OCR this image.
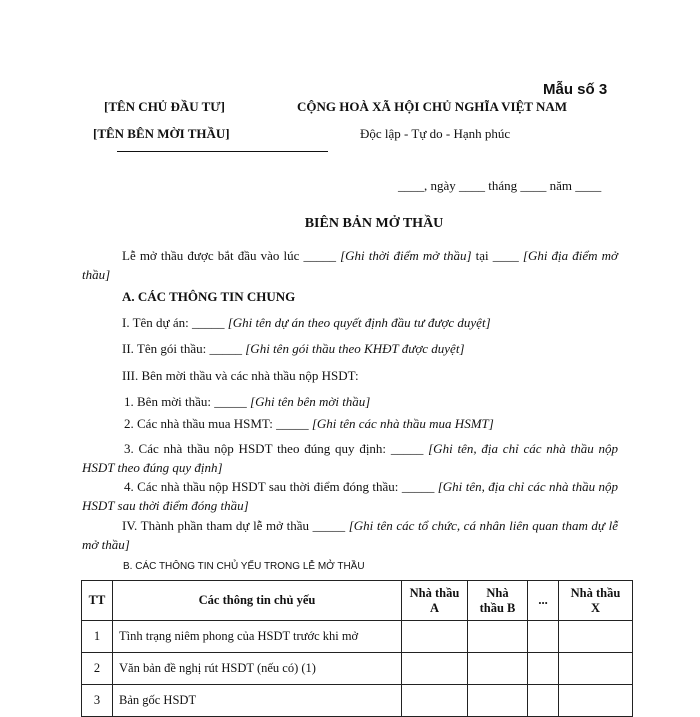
Mẫu số 3
[TÊN CHỦ ĐẦU TƯ]
[TÊN BÊN MỜI THẦU]
CỘNG HOÀ XÃ HỘI CHỦ NGHĨA VIỆT NAM
Độc lập - Tự do - Hạnh phúc
____, ngày ____ tháng ____ năm ____
BIÊN BẢN MỞ THẦU
Lễ mở thầu được bắt đầu vào lúc _____ [Ghi thời điểm mở thầu] tại ____ [Ghi địa điểm mở thầu]
A. CÁC THÔNG TIN CHUNG
I. Tên dự án: _____ [Ghi tên dự án theo quyết định đầu tư được duyệt]
II. Tên gói thầu: _____ [Ghi tên gói thầu theo KHĐT được duyệt]
III. Bên mời thầu và các nhà thầu nộp HSDT:
1. Bên mời thầu: _____ [Ghi tên bên mời thầu]
2. Các nhà thầu mua HSMT: _____ [Ghi tên các nhà thầu mua HSMT]
3. Các nhà thầu nộp HSDT theo đúng quy định: _____ [Ghi tên, địa chỉ các nhà thầu nộp HSDT theo đúng quy định]
4. Các nhà thầu nộp HSDT sau thời điểm đóng thầu: _____ [Ghi tên, địa chỉ các nhà thầu nộp HSDT sau thời điểm đóng thầu]
IV. Thành phần tham dự lễ mở thầu _____ [Ghi tên các tổ chức, cá nhân liên quan tham dự lễ mở thầu]
B. CÁC THÔNG TIN CHỦ YẾU TRONG LỄ MỞ THẦU
TT	Các thông tin chủ yếu	Nhà thầu A	Nhà thầu B	...	Nhà thầu X
1	Tình trạng niêm phong của HSDT trước khi mở				
2	Văn bản đề nghị rút HSDT (nếu có) (1)				
3	Bản gốc HSDT				
